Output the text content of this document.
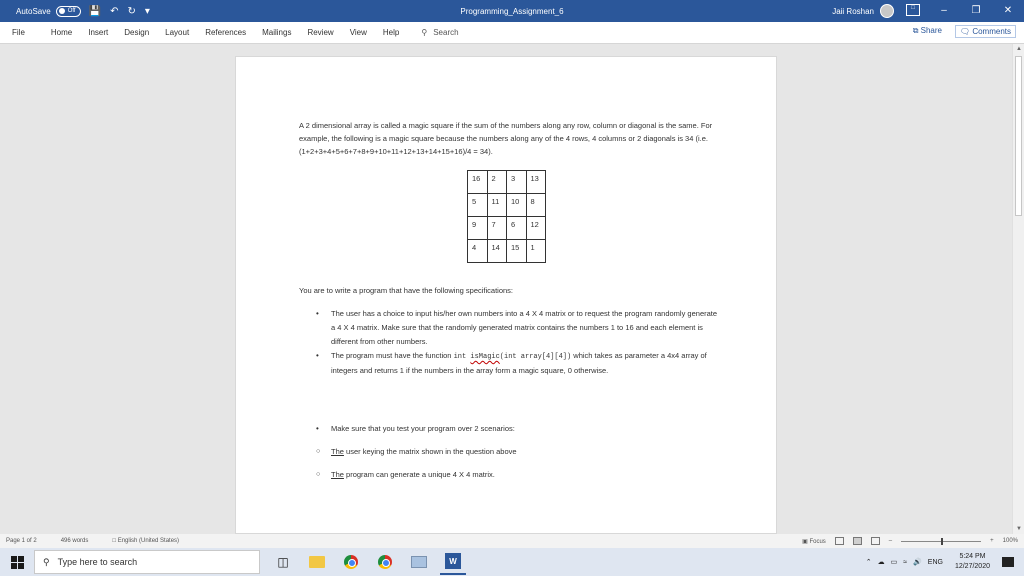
AutoSave	Off 💾 ↶ ↻ ▾	Programming_Assignment_6	Jaii Roshan	□	–	❐	✕
File	Home	Insert	Design	Layout	References	Mailings	Review	View	Help	⚲ Search	⧉ Share	🗨 Comments
A 2 dimensional array is called a magic square if the sum of the numbers along any row, column or diagonal is the same. For example, the following is a magic square because the numbers along any of the 4 rows, 4 columns or 2 diagonals is 34 (i.e. (1+2+3+4+5+6+7+8+9+10+11+12+13+14+15+16)/4 = 34).
16	2	3	13
5	11	10	8
9	7	6	12
4	14	15	1
You are to write a program that have the following specifications:
•	The user has a choice to input his/her own numbers into a 4 X 4 matrix or to request the program randomly generate a 4 X 4 matrix. Make sure that the randomly generated matrix contains the numbers 1 to 16 and each element is different from other numbers.
•	The program must have the function int isMagic(int array[4][4]) which takes as parameter a 4x4 array of integers and returns 1 if the numbers in the array form a magic square, 0 otherwise.
•	Make sure that you test your program over 2 scenarios:
○	The user keying the matrix shown in the question above
○	The program can generate a unique 4 X 4 matrix.
▲
▼
Page 1 of 2	496 words	□ English (United States)	▣ Focus	–	+ 100%
⚲ Type here to search	◫	W	⌃ ☁ ▭ ≈ 🔊 ENG
5:24 PM
12/27/2020
